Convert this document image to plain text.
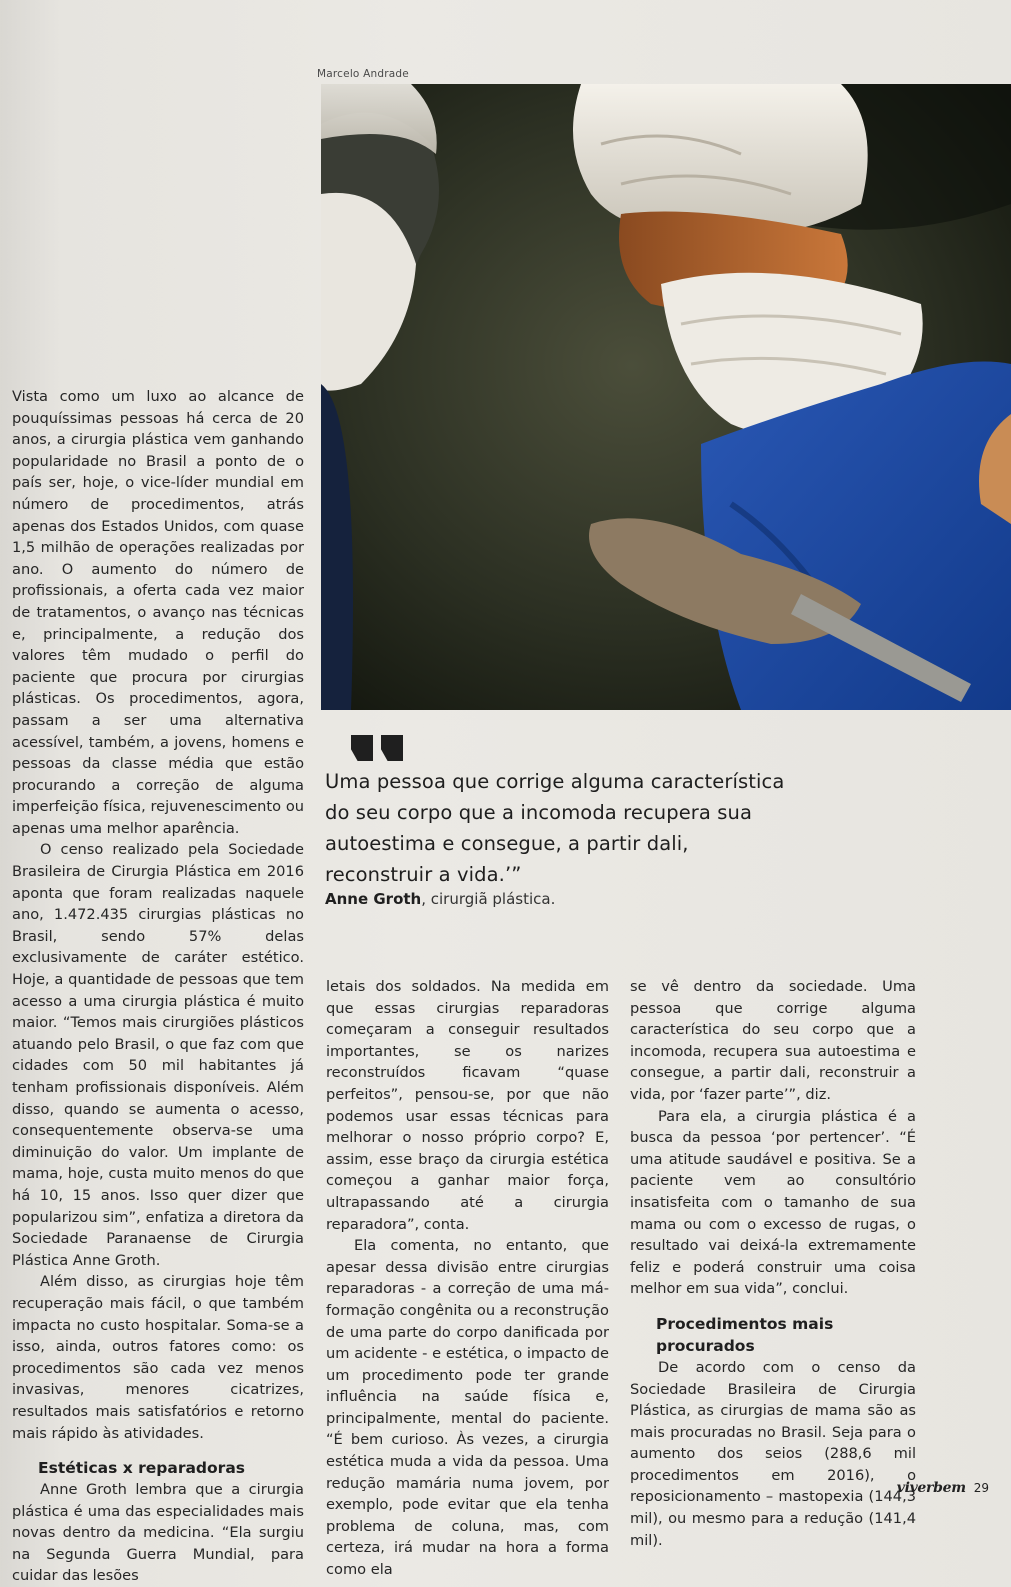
Marcelo Andrade

Vista como um luxo ao alcance de pouquíssimas pessoas há cerca de 20 anos, a cirurgia plástica vem ganhando popularidade no Brasil a ponto de o país ser, hoje, o vice-líder mundial em número de procedimentos, atrás apenas dos Estados Unidos, com quase 1,5 milhão de operações realizadas por ano. O aumento do número de profissionais, a oferta cada vez maior de tratamentos, o avanço nas técnicas e, principalmente, a redução dos valores têm mudado o perfil do paciente que procura por cirurgias plásticas. Os procedimentos, agora, passam a ser uma alternativa acessível, também, a jovens, homens e pessoas da classe média que estão procurando a correção de alguma imperfeição física, rejuvenescimento ou apenas uma melhor aparência.

O censo realizado pela Sociedade Brasileira de Cirurgia Plástica em 2016 aponta que foram realizadas naquele ano, 1.472.435 cirurgias plásticas no Brasil, sendo 57% delas exclusivamente de caráter estético. Hoje, a quantidade de pessoas que tem acesso a uma cirurgia plástica é muito maior. “Temos mais cirurgiões plásticos atuando pelo Brasil, o que faz com que cidades com 50 mil habitantes já tenham profissionais disponíveis. Além disso, quando se aumenta o acesso, consequentemente observa-se uma diminuição do valor. Um implante de mama, hoje, custa muito menos do que há 10, 15 anos. Isso quer dizer que popularizou sim”, enfatiza a diretora da Sociedade Paranaense de Cirurgia Plástica Anne Groth.

Além disso, as cirurgias hoje têm recuperação mais fácil, o que também impacta no custo hospitalar. Soma-se a isso, ainda, outros fatores como: os procedimentos são cada vez menos invasivas, menores cicatrizes, resultados mais satisfatórios e retorno mais rápido às atividades.

Estéticas x reparadoras

Anne Groth lembra que a cirurgia plástica é uma das especialidades mais novas dentro da medicina. “Ela surgiu na Segunda Guerra Mundial, para cuidar das lesões

Uma pessoa que corrige alguma característica do seu corpo que a incomoda recupera sua autoestima e consegue, a partir dali, reconstruir a vida.’”
Anne Groth, cirurgiã plástica.

letais dos soldados. Na medida em que essas cirurgias reparadoras começaram a conseguir resultados importantes, se os narizes reconstruídos ficavam “quase perfeitos”, pensou-se, por que não podemos usar essas técnicas para melhorar o nosso próprio corpo? E, assim, esse braço da cirurgia estética começou a ganhar maior força, ultrapassando até a cirurgia reparadora”, conta.

Ela comenta, no entanto, que apesar dessa divisão entre cirurgias reparadoras - a correção de uma má-formação congênita ou a reconstrução de uma parte do corpo danificada por um acidente - e estética, o impacto de um procedimento pode ter grande influência na saúde física e, principalmente, mental do paciente. “É bem curioso. Às vezes, a cirurgia estética muda a vida da pessoa. Uma redução mamária numa jovem, por exemplo, pode evitar que ela tenha problema de coluna, mas, com certeza, irá mudar na hora a forma como ela

se vê dentro da sociedade. Uma pessoa que corrige alguma característica do seu corpo que a incomoda, recupera sua autoestima e consegue, a partir dali, reconstruir a vida, por ‘fazer parte’”, diz.

Para ela, a cirurgia plástica é a busca da pessoa ‘por pertencer’. “É uma atitude saudável e positiva. Se a paciente vem ao consultório insatisfeita com o tamanho de sua mama ou com o excesso de rugas, o resultado vai deixá-la extremamente feliz e poderá construir uma coisa melhor em sua vida”, conclui.

Procedimentos mais procurados

De acordo com o censo da Sociedade Brasileira de Cirurgia Plástica, as cirurgias de mama são as mais procuradas no Brasil. Seja para o aumento dos seios (288,6 mil procedimentos em 2016), o reposicionamento – mastopexia (144,3 mil), ou mesmo para a redução (141,4 mil).

viverbem 29
